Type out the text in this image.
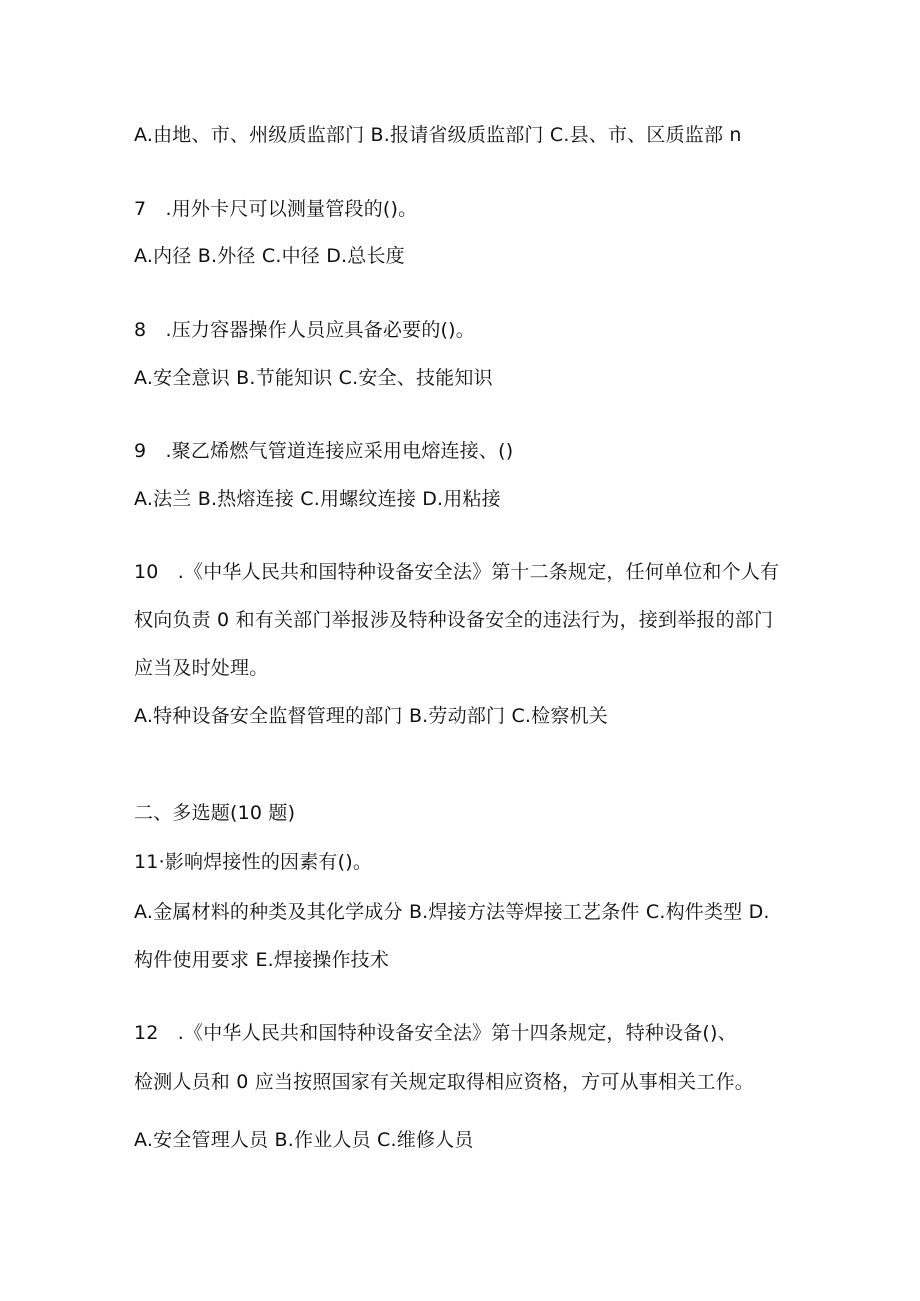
A.由地、市、州级质监部门 B.报请省级质监部门 C.县、市、区质监部 n
7　.用外卡尺可以测量管段的()。
A.内径 B.外径 C.中径 D.总长度
8　.压力容器操作人员应具备必要的()。
A.安全意识 B.节能知识 C.安全、技能知识
9　.聚乙烯燃气管道连接应采用电熔连接、()
A.法兰 B.热熔连接 C.用螺纹连接 D.用粘接
10　.《中华人民共和国特种设备安全法》第十二条规定，任何单位和个人有
权向负责 0 和有关部门举报涉及特种设备安全的违法行为，接到举报的部门
应当及时处理。
A.特种设备安全监督管理的部门 B.劳动部门 C.检察机关
二、多选题(10 题)
11·影响焊接性的因素有()。
A.金属材料的种类及其化学成分 B.焊接方法等焊接工艺条件 C.构件类型 D.
构件使用要求 E.焊接操作技术
12　.《中华人民共和国特种设备安全法》第十四条规定，特种设备()、
检测人员和 0 应当按照国家有关规定取得相应资格，方可从事相关工作。
A.安全管理人员 B.作业人员 C.维修人员
